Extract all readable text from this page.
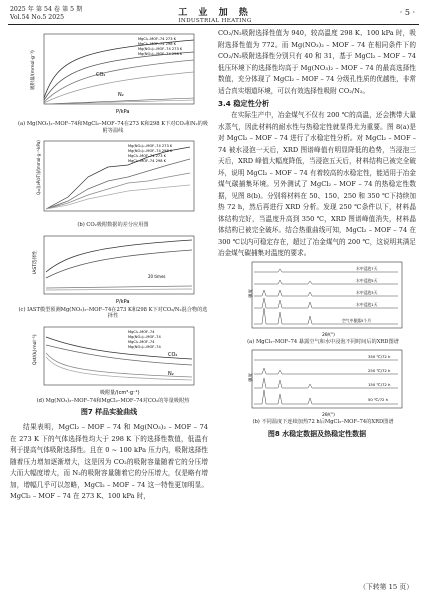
2025 年 第 54 卷 第 5 期
Vol.54 No.5 2025	工 业 加 热
INDUSTRIAL HEATING
· 5 ·
吸附量/(mmol·g⁻¹)
P/kPa
CO₂
N₂
MgCl₂–MOF–74 273 K
MgCl₂–MOF–74 298 K
Mg(NO₃)₂–MOF–74 273 K
Mg(NO₃)₂–MOF–74 298 K
(a) Mg(NO₃)₂–MOF–74和MgCl₂–MOF–74在273 K和298 K下对CO₂和N₂的吸附等温线
Q=[(∂P/∂T)]/(mmol·g⁻¹·kPa)	Mg(NO₃)₂–MOF–74 273 K
Mg(NO₃)₂–MOF–74 298 K
MgCl₂–MOF–74 273 K
MgCl₂–MOF–74 298 K
(b) CO₂吸附数据的差分应用图
IAST选择性
P/kPa
20 times
(c) IAST模型预测Mg(NO₃)₂–MOF–74在273 K和298 K下对CO₂/N₂混合物的选择性
Qst/(kJ·mol⁻¹)
吸附量/(cm³·g⁻¹)
CO₂
N₂
MgCl₂–MOF–74
Mg(NO₃)₂–MOF–74
MgCl₂–MOF–74
Mg(NO₃)₂–MOF–74
(d) Mg(NO₃)₂–MOF–74和MgCl₂–MOF–74对CO₂的等量吸附热
图7 样品实验曲线

结果表明，MgCl₂ – MOF – 74 和 Mg(NO₃)₂ – MOF – 74 在 273 K 下的气体选择性均大于 298 K 下的选择性数值，低温有利于提高气体吸附选择性。且在 0 ~ 100 kPa 压力内，吸附选择性随着压力增加逐渐增大，这是因为 CO₂的吸附容量随着它的分压增大而大幅度增大，而 N₂的吸附容量随着它的分压增大，仅是略有增加，增幅几乎可以忽略，MgCl₂ – MOF – 74 这一特性更加明显。MgCl₂ – MOF – 74 在 273 K、100 kPa 时，

CO₂/N₂吸附选择性值为 940，较高温度 298 K、100 kPa 时，吸附选择性值为 772。而 Mg(NO₃)₂ – MOF – 74 在相同条件下的 CO₂/N₂吸附选择性分别只有 40 和 31，基于 MgCl₂ – MOF – 74 低压环境下的选择性均高于 Mg(NO₃)₂ – MOF – 74 的最高选择性数值，充分体现了 MgCl₂ – MOF – 74 分级孔性质的优越性，非常适合真实烟道环境，可以有效选择性吸附 CO₂/N₂。

3.4 稳定性分析

在实际生产中，冶金煤气不仅有 200 ℃的高温，还会携带大量水蒸气，因此材料的耐水性与热稳定性就显得尤为重要。图 8(a)是对 MgCl₂ – MOF – 74 进行了水稳定性分析。对 MgCl₂ – MOF – 74 被水浸泡一天后，XRD 图谱峰值有明显降低的趋势，当浸泡三天后，XRD 峰值大幅度降低，当浸泡五天后，材料结构已被完全破坏，说明 MgCl₂ – MOF – 74 有着较高的水稳定性，能适用于冶金煤气碳捕集环境。另外测试了 MgCl₂ – MOF – 74 的热稳定性数据，见图 8(b)。分别将材料在 50、150、250 和 350 ℃下持续加热 72 h，然后再进行 XRD 分析。发现 250 ℃条件以下，材料晶体结构完好，当温度升高到 350 ℃，XRD 图谱峰值消失，材料晶体结构已被完全破坏。结合热重曲线可知，MgCl₂ – MOF – 74 在 300 ℃以内可稳定存在，超过了冶金煤气的 200 ℃，这说明其满足冶金煤气碳捕集对温度的要求。

强度
2θ/(°)
水中浸泡7天
水中浸泡5天
水中浸泡3天
水中浸泡1天
空气中暴露5个月
(a) MgCl₂–MOF–74 暴露空气和水中浸泡不同时间后的XRD图谱
强度
2θ/(°)
350 ℃/72 h
250 ℃/72 h
150 ℃/72 h
50 ℃/72 h
(b) 不同温度下连续加热72 h后MgCl₂–MOF–74的XRD图谱
图8 水稳定数据及热稳定性数据
（下转第 15 页）
